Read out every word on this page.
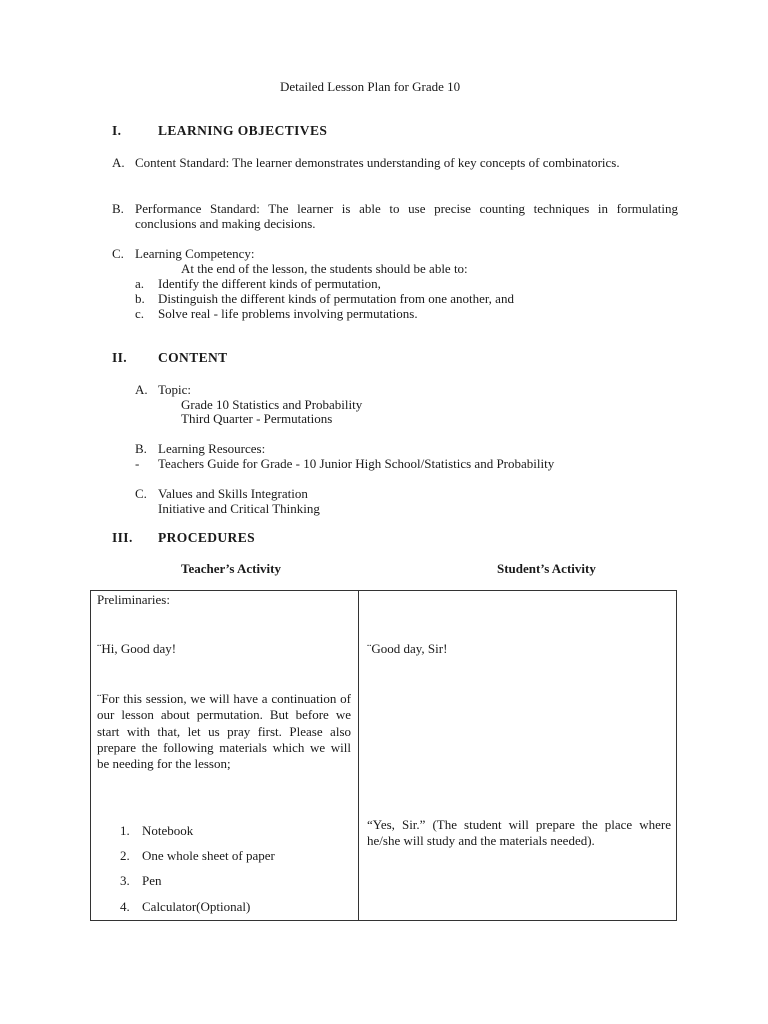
Detailed Lesson Plan for Grade 10
I.	LEARNING OBJECTIVES
A. Content Standard: The learner demonstrates understanding of key concepts of combinatorics.
B. Performance Standard: The learner is able to use precise counting techniques in formulating conclusions and making decisions.
C. Learning Competency:
At the end of the lesson, the students should be able to:
a. Identify the different kinds of permutation,
b. Distinguish the different kinds of permutation from one another, and
c. Solve real - life problems involving permutations.
II. CONTENT
A. Topic:
Grade 10 Statistics and Probability
Third Quarter - Permutations
B. Learning Resources:
- Teachers Guide for Grade - 10 Junior High School/Statistics and Probability
C. Values and Skills Integration
Initiative and Critical Thinking
III. PROCEDURES
Teacher’s Activity	Student’s Activity
Preliminaries:
¨Hi, Good day!
¨For this session, we will have a continuation of our lesson about permutation. But before we start with that, let us pray first. Please also prepare the following materials which we will be needing for the lesson;
1. Notebook
2. One whole sheet of paper
3. Pen
4. Calculator(Optional)
¨Good day, Sir!
“Yes, Sir.” (The student will prepare the place where he/she will study and the materials needed).
